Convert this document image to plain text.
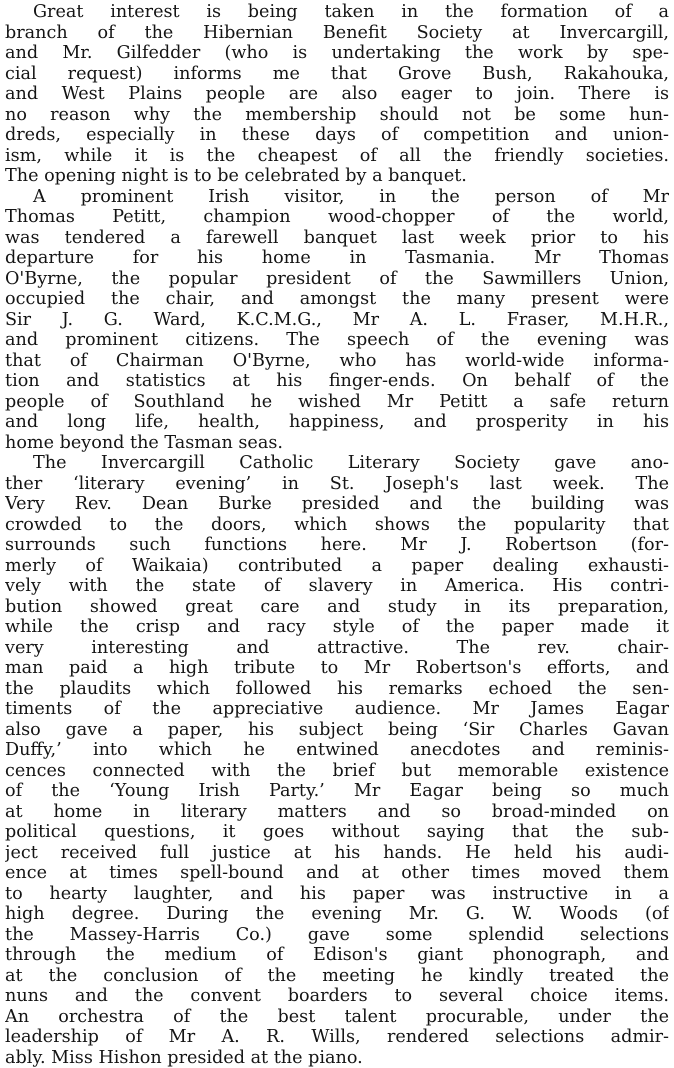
Great interest is being taken in the formation of a
branch of the Hibernian Benefit Society at Invercargill,
and Mr. Gilfedder (who is undertaking the work by spe-
cial request) informs me that Grove Bush, Rakahouka,
and West Plains people are also eager to join. There is
no reason why the membership should not be some hun-
dreds, especially in these days of competition and union-
ism, while it is the cheapest of all the friendly societies.
The opening night is to be celebrated by a banquet.

A prominent Irish visitor, in the person of Mr
Thomas Petitt, champion wood-chopper of the world,
was tendered a farewell banquet last week prior to his
departure for his home in Tasmania. Mr Thomas
O'Byrne, the popular president of the Sawmillers Union,
occupied the chair, and amongst the many present were
Sir J. G. Ward, K.C.M.G., Mr A. L. Fraser, M.H.R.,
and prominent citizens. The speech of the evening was
that of Chairman O'Byrne, who has world-wide informa-
tion and statistics at his finger-ends. On behalf of the
people of Southland he wished Mr Petitt a safe return
and long life, health, happiness, and prosperity in his
home beyond the Tasman seas.

The Invercargill Catholic Literary Society gave ano-
ther ‘literary evening’ in St. Joseph's last week. The
Very Rev. Dean Burke presided and the building was
crowded to the doors, which shows the popularity that
surrounds such functions here. Mr J. Robertson (for-
merly of Waikaia) contributed a paper dealing exhausti-
vely with the state of slavery in America. His contri-
bution showed great care and study in its preparation,
while the crisp and racy style of the paper made it
very interesting and attractive. The rev. chair-
man paid a high tribute to Mr Robertson's efforts, and
the plaudits which followed his remarks echoed the sen-
timents of the appreciative audience. Mr James Eagar
also gave a paper, his subject being ‘Sir Charles Gavan
Duffy,’ into which he entwined anecdotes and reminis-
cences connected with the brief but memorable existence
of the ‘Young Irish Party.’ Mr Eagar being so much
at home in literary matters and so broad-minded on
political questions, it goes without saying that the sub-
ject received full justice at his hands. He held his audi-
ence at times spell-bound and at other times moved them
to hearty laughter, and his paper was instructive in a
high degree. During the evening Mr. G. W. Woods (of
the Massey-Harris Co.) gave some splendid selections
through the medium of Edison's giant phonograph, and
at the conclusion of the meeting he kindly treated the
nuns and the convent boarders to several choice items.
An orchestra of the best talent procurable, under the
leadership of Mr A. R. Wills, rendered selections admir-
ably. Miss Hishon presided at the piano.
